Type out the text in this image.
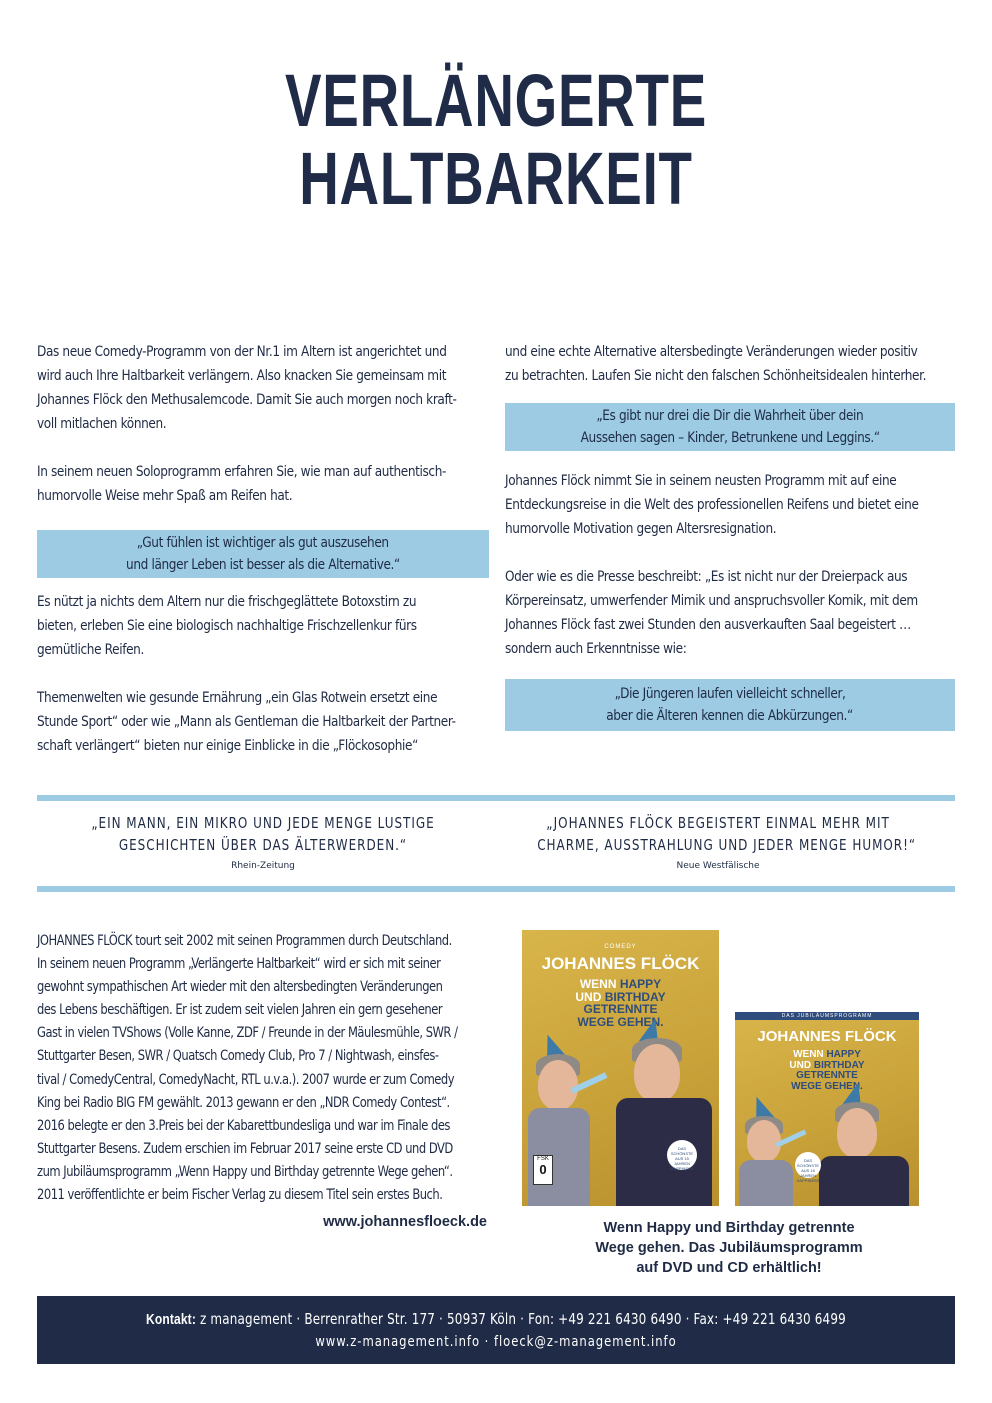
VERLÄNGERTE
HALTBARKEIT

Das neue Comedy-Programm von der Nr.1 im Altern ist angerichtet und
wird auch Ihre Haltbarkeit verlängern. Also knacken Sie gemeinsam mit
Johannes Flöck den Methusalemcode. Damit Sie auch morgen noch kraft-
voll mitlachen können.

In seinem neuen Soloprogramm erfahren Sie, wie man auf authentisch-
humorvolle Weise mehr Spaß am Reifen hat.

„Gut fühlen ist wichtiger als gut auszusehen
und länger Leben ist besser als die Alternative.“

Es nützt ja nichts dem Altern nur die frischgeglättete Botoxstirn zu
bieten, erleben Sie eine biologisch nachhaltige Frischzellenkur fürs
gemütliche Reifen.

Themenwelten wie gesunde Ernährung „ein Glas Rotwein ersetzt eine
Stunde Sport“ oder wie „Mann als Gentleman die Haltbarkeit der Partner-
schaft verlängert“ bieten nur einige Einblicke in die „Flöckosophie“

und eine echte Alternative altersbedingte Veränderungen wieder positiv
zu betrachten. Laufen Sie nicht den falschen Schönheitsidealen hinterher.

„Es gibt nur drei die Dir die Wahrheit über dein
Aussehen sagen – Kinder, Betrunkene und Leggins.“

Johannes Flöck nimmt Sie in seinem neusten Programm mit auf eine
Entdeckungsreise in die Welt des professionellen Reifens und bietet eine
humorvolle Motivation gegen Altersresignation.

Oder wie es die Presse beschreibt: „Es ist nicht nur der Dreierpack aus
Körpereinsatz, umwerfender Mimik und anspruchsvoller Komik, mit dem
Johannes Flöck fast zwei Stunden den ausverkauften Saal begeistert …
sondern auch Erkenntnisse wie:

„Die Jüngeren laufen vielleicht schneller,
aber die Älteren kennen die Abkürzungen.“
„EIN MANN, EIN MIKRO UND JEDE MENGE LUSTIGE
GESCHICHTEN ÜBER DAS ÄLTERWERDEN.“
Rhein-Zeitung
„JOHANNES FLÖCK BEGEISTERT EINMAL MEHR MIT
CHARME, AUSSTRAHLUNG UND JEDER MENGE HUMOR!“
Neue Westfälische

JOHANNES FLÖCK tourt seit 2002 mit seinen Programmen durch Deutschland.
In seinem neuen Programm „Verlängerte Haltbarkeit“ wird er sich mit seiner
gewohnt sympathischen Art wieder mit den altersbedingten Veränderungen
des Lebens beschäftigen. Er ist zudem seit vielen Jahren ein gern gesehener
Gast in vielen TVShows (Volle Kanne, ZDF / Freunde in der Mäulesmühle, SWR /
Stuttgarter Besen, SWR / Quatsch Comedy Club, Pro 7 / Nightwash, einsfes-
tival / ComedyCentral, ComedyNacht, RTL u.v.a.). 2007 wurde er zum Comedy
King bei Radio BIG FM gewählt. 2013 gewann er den „NDR Comedy Contest“.
2016 belegte er den 3.Preis bei der Kabarettbundesliga und war im Finale des
Stuttgarter Besens. Zudem erschien im Februar 2017 seine erste CD und DVD
zum Jubiläumsprogramm „Wenn Happy und Birthday getrennte Wege gehen“.
2011 veröffentlichte er beim Fischer Verlag zu diesem Titel sein erstes Buch.

www.johannesfloeck.de
COMEDY
JOHANNES FLÖCK
WENN HAPPY
UND BIRTHDAY
GETRENNTE
WEGE GEHEN.
DAS SCHÖNSTE AUS 15 JAHREN HAPPINESS
FSK
0
DAS JUBILÄUMSPROGRAMM
JOHANNES FLÖCK
WENN HAPPY
UND BIRTHDAY
GETRENNTE
WEGE GEHEN.
DAS SCHÖNSTE AUS 15 JAHREN HAPPINESS
Wenn Happy und Birthday getrennte
Wege gehen. Das Jubiläumsprogramm
auf DVD und CD erhältlich!
Kontakt: z management · Berrenrather Str. 177 · 50937 Köln · Fon: +49 221 6430 6490 · Fax: +49 221 6430 6499
www.z-management.info · floeck@z-management.info
